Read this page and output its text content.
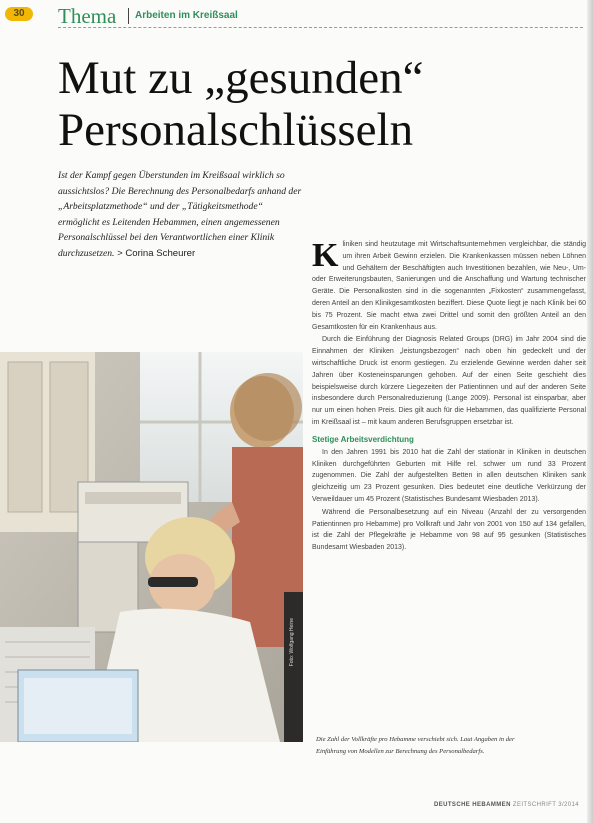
30	Thema Arbeiten im Kreißsaal
Mut zu „gesunden“
Personalschlüsseln

Ist der Kampf gegen Überstunden im Kreißsaal wirklich so aussichtslos? Die Berechnung des Personalbedarfs anhand der „Arbeitsplatzmethode“ und der „Tätigkeitsmethode“ ermöglicht es Leitenden Hebammen, einen angemessenen Personalschlüssel bei den Verantwortlichen einer Klinik durchzusetzen. > Corina Scheurer	K liniken sind heutzutage mit Wirtschaftsunternehmen vergleichbar, die ständig um ihren Arbeit Gewinn erzielen. Die Krankenkassen müssen neben Löhnen und Gehältern der Beschäftigten auch Investitionen bezahlen, wie Neu-, Um- oder Erweiterungsbauten, Sanierungen und die Anschaffung und Wartung technischer Geräte. Die Personalkosten sind in die sogenannten „Fixkosten“ zusammengefasst, deren Anteil an den Klinikgesamtkosten beziffert. Diese Quote liegt je nach Klinik bei 60 bis 75 Prozent. Sie macht etwa zwei Drittel und somit den größten Anteil an den Gesamtkosten für ein Krankenhaus aus.

Durch die Einführung der Diagnosis Related Groups (DRG) im Jahr 2004 sind die Einnahmen der Kliniken „leistungsbezogen“ nach oben hin gedeckelt und der wirtschaftliche Druck ist enorm gestiegen. Zu erzielende Gewinne werden daher seit Jahren über Kosteneinsparungen gehoben. Auf der einen Seite geschieht dies beispielsweise durch kürzere Liegezeiten der Patientinnen und auf der anderen Seite insbesondere durch Personalreduzierung (Lange 2009). Personal ist einsparbar, aber nur um einen hohen Preis. Dies gilt auch für die Hebammen, das qualifizierte Personal im Kreißsaal ist – mit kaum anderen Berufsgruppen ersetzbar ist.

Stetige Arbeitsverdichtung

In den Jahren 1991 bis 2010 hat die Zahl der stationär in Kliniken in deutschen Kliniken durchgeführten Geburten mit Hilfe rel. schwer um rund 33 Prozent zugenommen. Die Zahl der aufgestellten Betten in allen deutschen Kliniken sank gleichzeitig um 23 Prozent gesunken. Dies bedeutet eine deutliche Verkürzung der Verweildauer um 45 Prozent (Statistisches Bundesamt Wiesbaden 2013).

Während die Personalbesetzung auf ein Niveau (Anzahl der zu versorgenden Patientinnen pro Hebamme) pro Vollkraft und Jahr von 2001 von 150 auf 134 gefallen, ist die Zahl der Pflegekräfte je Hebamme von 98 auf 95 gesunken (Statistisches Bundesamt Wiesbaden 2013).

Foto: Wolfgang Heine
Die Zahl der Vollkräfte pro Hebamme verschiebt sich. Laut Angaben in der Einführung von Modellen zur Berechnung des Personalbedarfs.
DEUTSCHE HEBAMMEN ZEITSCHRIFT 3/2014
